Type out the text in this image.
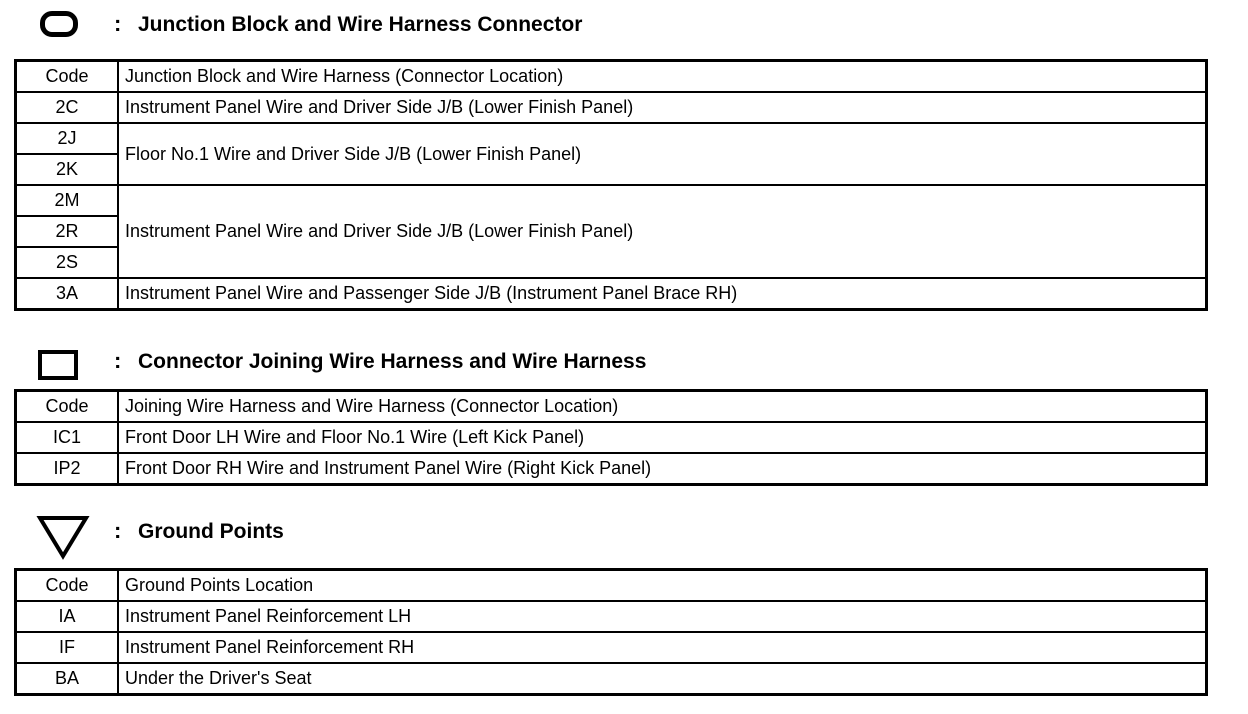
: Junction Block and Wire Harness Connector
Code	Junction Block and Wire Harness (Connector Location)
2C	Instrument Panel Wire and Driver Side J/B (Lower Finish Panel)
2J	Floor No.1 Wire and Driver Side J/B (Lower Finish Panel)
2K	
2M	Instrument Panel Wire and Driver Side J/B (Lower Finish Panel)
2R	
2S	
3A	Instrument Panel Wire and Passenger Side J/B (Instrument Panel Brace RH)
: Connector Joining Wire Harness and Wire Harness
Code	Joining Wire Harness and Wire Harness (Connector Location)
IC1	Front Door LH Wire and Floor No.1 Wire (Left Kick Panel)
IP2	Front Door RH Wire and Instrument Panel Wire (Right Kick Panel)
: Ground Points
Code	Ground Points Location
IA	Instrument Panel Reinforcement LH
IF	Instrument Panel Reinforcement RH
BA	Under the Driver's Seat
